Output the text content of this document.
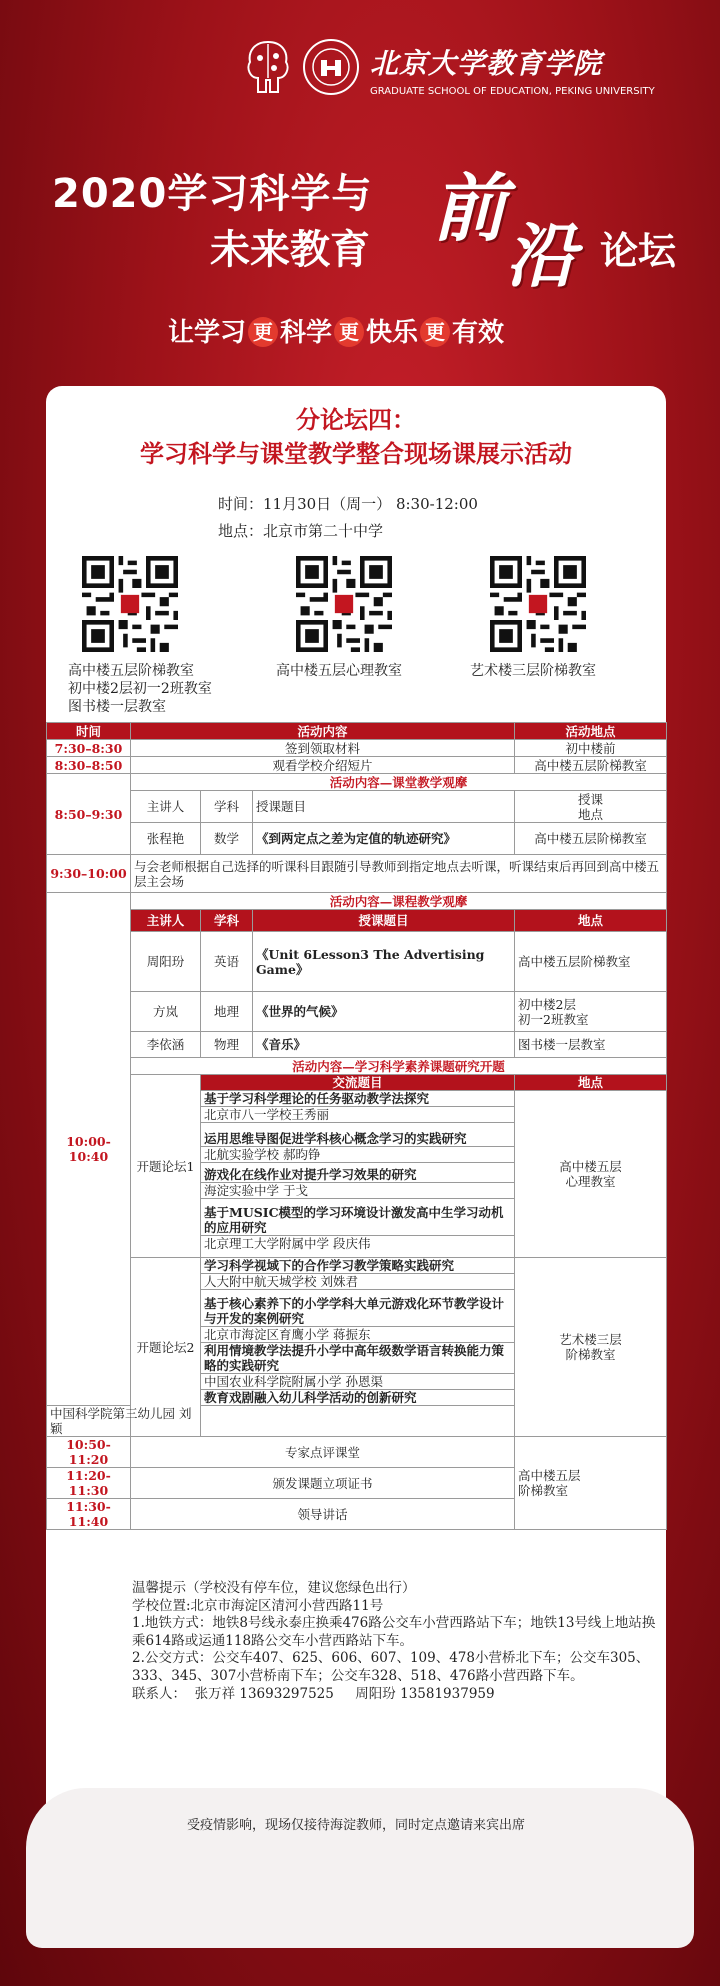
北京大学教育学院
GRADUATE SCHOOL OF EDUCATION, PEKING UNIVERSITY
2020学习科学与
未来教育 前
沿 论坛
让学习 更 科学 更 快乐 更 有效
分论坛四：
学习科学与课堂教学整合现场课展示活动
时间：11月30日（周一） 8:30-12:00
地点：北京市第二十中学
高中楼五层阶梯教室
初中楼2层初一2班教室
图书楼一层教室
高中楼五层心理教室	艺术楼三层阶梯教室
时间	活动内容			活动地点
7:30–8:30	签到领取材料			初中楼前
8:30–8:50	观看学校介绍短片			高中楼五层阶梯教室
8:50–9:30	活动内容—课堂教学观摩			
	主讲人	学科	授课题目	授课
地点
	张程艳	数学	《到两定点之差为定值的轨迹研究》	高中楼五层阶梯教室
9:30–10:00	与会老师根据自己选择的听课科目跟随引导教师到指定地点去听课，听课结束后再回到高中楼五层主会场			
10:00-10:40	活动内容—课程教学观摩			
	主讲人	学科	授课题目	地点
	周阳玢	英语	《Unit 6Lesson3 The Advertising Game》	高中楼五层阶梯教室
	方岚	地理	《世界的气候》	初中楼2层
初一2班教室
	李依涵	物理	《音乐》	图书楼一层教室
	活动内容—学习科学素养课题研究开题			
	开题论坛1	交流题目		地点
		基于学习科学理论的任务驱动教学法探究		高中楼五层
心理教室
		北京市八一学校王秀丽		
		运用思维导图促进学科核心概念学习的实践研究		
		北航实验学校 郝昀铮		
		游戏化在线作业对提升学习效果的研究		
		海淀实验中学 于戈		
		基于MUSIC模型的学习环境设计激发高中生学习动机的应用研究		
		北京理工大学附属中学 段庆伟		
	开题论坛2	学习科学视域下的合作学习教学策略实践研究		艺术楼三层
阶梯教室
		人大附中航天城学校 刘姝君		
		基于核心素养下的小学学科大单元游戏化环节教学设计与开发的案例研究		
		北京市海淀区育鹰小学 蒋振东		
		利用情境教学法提升小学中高年级数学语言转换能力策略的实践研究		
		中国农业科学院附属小学 孙恩渠		
		教育戏剧融入幼儿科学活动的创新研究		
中国科学院第三幼儿园 刘颖				
10:50-11:20	专家点评课堂			高中楼五层
阶梯教室
11:20-11:30	颁发课题立项证书			
11:30-11:40	领导讲话			
温馨提示（学校没有停车位，建议您绿色出行）
学校位置:北京市海淀区清河小营西路11号
1.地铁方式：地铁8号线永泰庄换乘476路公交车小营西路站下车；地铁13号线上地站换乘614路或运通118路公交车小营西路站下车。
2.公交方式：公交车407、625、606、607、109、478小营桥北下车；公交车305、333、345、307小营桥南下车；公交车328、518、476路小营西路下车。
联系人：  张万祥 13693297525     周阳玢 13581937959
受疫情影响，现场仅接待海淀教师，同时定点邀请来宾出席
